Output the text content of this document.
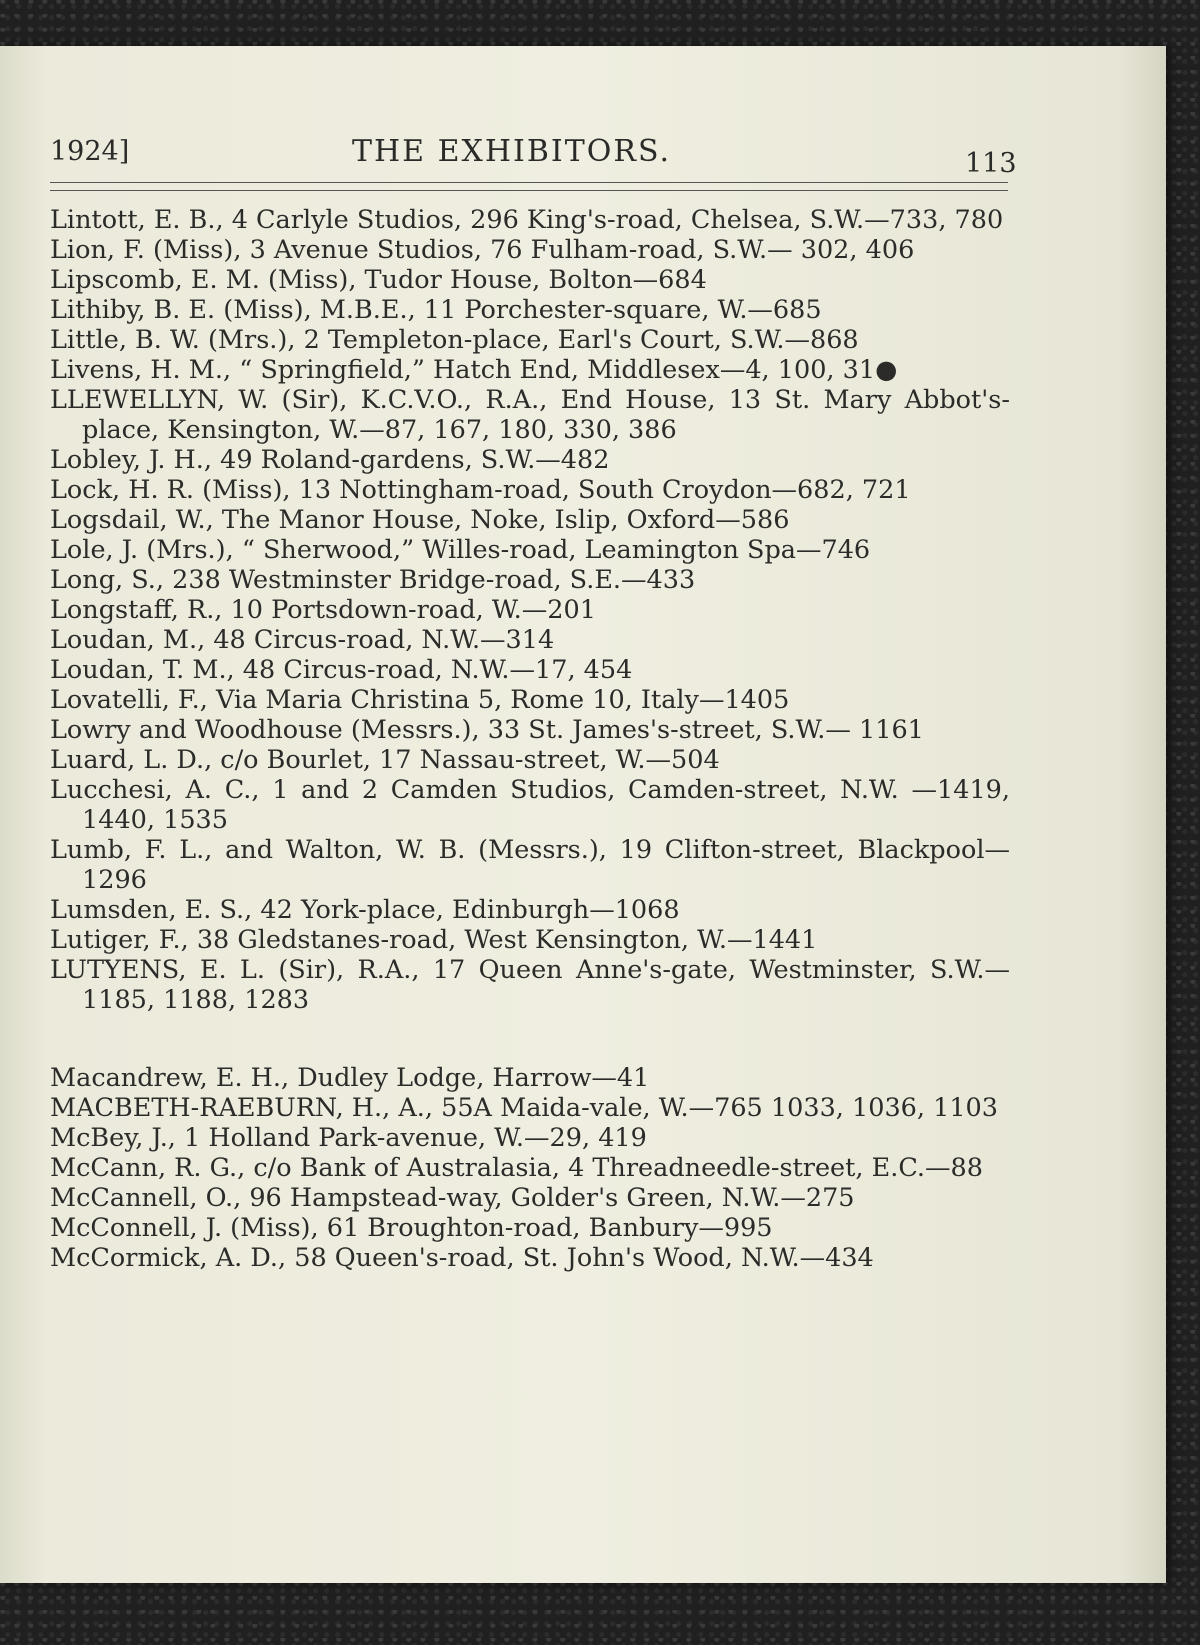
1924]	THE EXHIBITORS.	113

Lintott, E. B., 4 Carlyle Studios, 296 King's-road, Chelsea, S.W.—733, 780

Lion, F. (Miss), 3 Avenue Studios, 76 Fulham-road, S.W.— 302, 406

Lipscomb, E. M. (Miss), Tudor House, Bolton—684

Lithiby, B. E. (Miss), M.B.E., 11 Porchester-square, W.—685

Little, B. W. (Mrs.), 2 Templeton-place, Earl's Court, S.W.—868

Livens, H. M., “ Springfield,” Hatch End, Middlesex—4, 100, 31●

LLEWELLYN, W. (Sir), K.C.V.O., R.A., End House, 13 St. Mary Abbot's-place, Kensington, W.—87, 167, 180, 330, 386

Lobley, J. H., 49 Roland-gardens, S.W.—482

Lock, H. R. (Miss), 13 Nottingham-road, South Croydon—682, 721

Logsdail, W., The Manor House, Noke, Islip, Oxford—586

Lole, J. (Mrs.), “ Sherwood,” Willes-road, Leamington Spa—746

Long, S., 238 Westminster Bridge-road, S.E.—433

Longstaff, R., 10 Portsdown-road, W.—201

Loudan, M., 48 Circus-road, N.W.—314

Loudan, T. M., 48 Circus-road, N.W.—17, 454

Lovatelli, F., Via Maria Christina 5, Rome 10, Italy—1405

Lowry and Woodhouse (Messrs.), 33 St. James's-street, S.W.— 1161

Luard, L. D., c/o Bourlet, 17 Nassau-street, W.—504

Lucchesi, A. C., 1 and 2 Camden Studios, Camden-street, N.W. —1419, 1440, 1535

Lumb, F. L., and Walton, W. B. (Messrs.), 19 Clifton-street, Blackpool—1296

Lumsden, E. S., 42 York-place, Edinburgh—1068

Lutiger, F., 38 Gledstanes-road, West Kensington, W.—1441

LUTYENS, E. L. (Sir), R.A., 17 Queen Anne's-gate, Westminster, S.W.—1185, 1188, 1283

Macandrew, E. H., Dudley Lodge, Harrow—41

MACBETH-RAEBURN, H., A., 55A Maida-vale, W.—765 1033, 1036, 1103

McBey, J., 1 Holland Park-avenue, W.—29, 419

McCann, R. G., c/o Bank of Australasia, 4 Threadneedle-street, E.C.—88

McCannell, O., 96 Hampstead-way, Golder's Green, N.W.—275

McConnell, J. (Miss), 61 Broughton-road, Banbury—995

McCormick, A. D., 58 Queen's-road, St. John's Wood, N.W.—434
